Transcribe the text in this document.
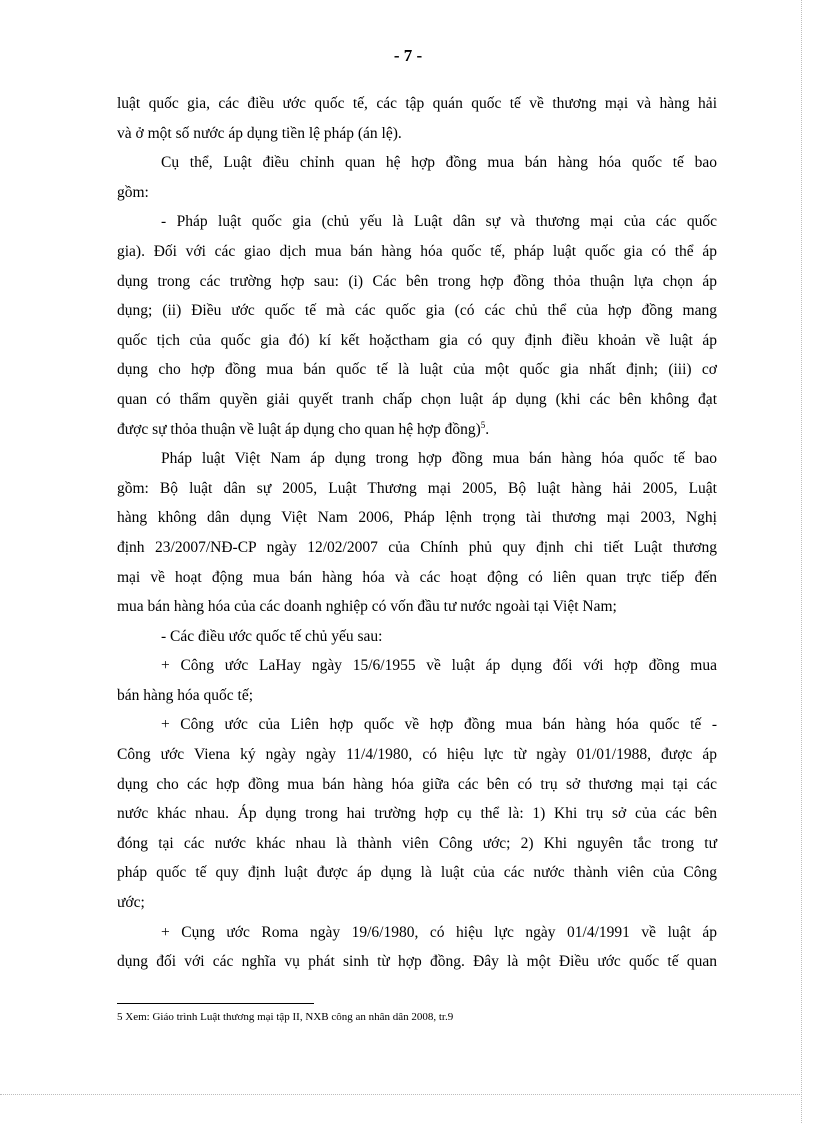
- 7 -
luật quốc gia, các điều ước quốc tế, các tập quán quốc tế về thương mại và hàng hải
và ở một số nước áp dụng tiền lệ pháp (án lệ).
Cụ thể, Luật điều chỉnh quan hệ hợp đồng mua bán hàng hóa quốc tế bao
gồm:
- Pháp luật quốc gia (chủ yếu là Luật dân sự và thương mại của các quốc
gia). Đối với các giao dịch mua bán hàng hóa quốc tế, pháp luật quốc gia có thể áp
dụng trong các trường hợp sau: (i) Các bên trong hợp đồng thỏa thuận lựa chọn áp
dụng; (ii) Điều ước quốc tế mà các quốc gia (có các chủ thể của hợp đồng mang
quốc tịch của quốc gia đó) kí kết hoặctham gia có quy định điều khoản về luật áp
dụng cho hợp đồng mua bán quốc tế là luật của một quốc gia nhất định; (iii) cơ
quan có thẩm quyền giải quyết tranh chấp chọn luật áp dụng (khi các bên không đạt
được sự thỏa thuận về luật áp dụng cho quan hệ hợp đồng)$^5$.
Pháp luật Việt Nam áp dụng trong hợp đồng mua bán hàng hóa quốc tế bao
gồm: Bộ luật dân sự 2005, Luật Thương mại 2005, Bộ luật hàng hải 2005, Luật
hàng không dân dụng Việt Nam 2006, Pháp lệnh trọng tài thương mại 2003, Nghị
định 23/2007/NĐ-CP ngày 12/02/2007 của Chính phủ quy định chi tiết Luật thương
mại về hoạt động mua bán hàng hóa và các hoạt động có liên quan trực tiếp đến
mua bán hàng hóa của các doanh nghiệp có vốn đầu tư nước ngoài tại Việt Nam;
- Các điều ước quốc tế chủ yếu sau:
+ Công ước LaHay ngày 15/6/1955 về luật áp dụng đối với hợp đồng mua
bán hàng hóa quốc tế;
+ Công ước của Liên hợp quốc về hợp đồng mua bán hàng hóa quốc tế -
Công ước Viena ký ngày ngày 11/4/1980, có hiệu lực từ ngày 01/01/1988, được áp
dụng cho các hợp đồng mua bán hàng hóa giữa các bên có trụ sở thương mại tại các
nước khác nhau. Áp dụng trong hai trường hợp cụ thể là: 1) Khi trụ sở của các bên
đóng tại các nước khác nhau là thành viên Công ước; 2) Khi nguyên tắc trong tư
pháp quốc tế quy định luật được áp dụng là luật của các nước thành viên của Công
ước;
+ Cụng ước Roma ngày 19/6/1980, có hiệu lực ngày 01/4/1991 về luật áp
dụng đối với các nghĩa vụ phát sinh từ hợp đồng. Đây là một Điều ước quốc tế quan
5 Xem: Giáo trình Luật thương mại tập II, NXB công an nhân dân 2008, tr.9
